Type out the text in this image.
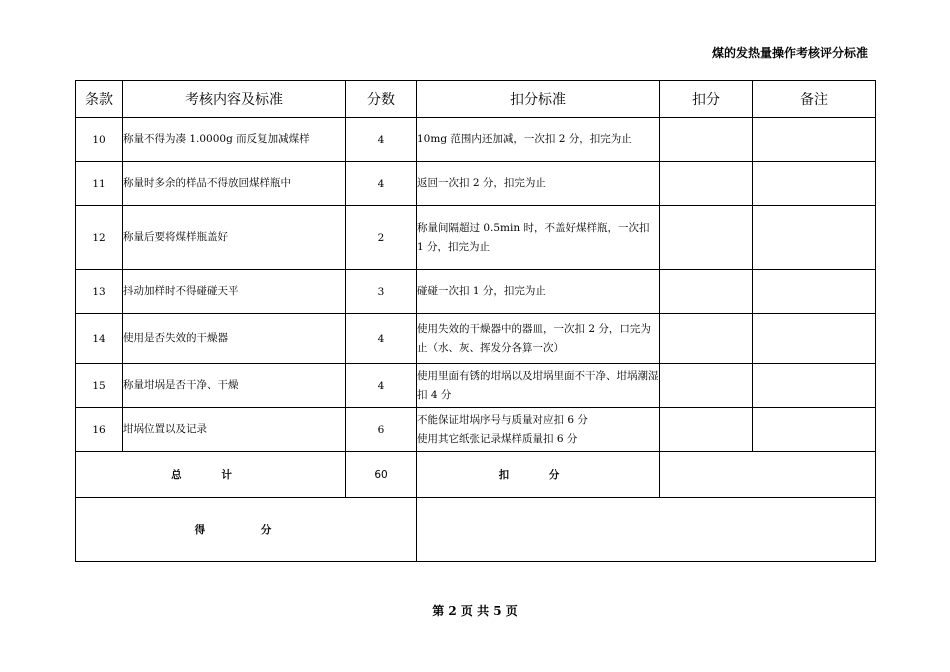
煤的发热量操作考核评分标准
条款	考核内容及标准	分数	扣分标准	扣分	备注
10	称量不得为凑 1.0000g 而反复加减煤样	4	10mg 范围内还加减，一次扣 2 分，扣完为止		

11	称量时多余的样品不得放回煤样瓶中	4	返回一次扣 2 分，扣完为止		

12	称量后要将煤样瓶盖好	2	称量间隔超过 0.5min 时，不盖好煤样瓶，一次扣 1 分，扣完为止		

13	抖动加样时不得碰碰天平	3	碰碰一次扣 1 分，扣完为止		

14	使用是否失效的干燥器	4	使用失效的干燥器中的器皿，一次扣 2 分，口完为止（水、灰、挥发分各算一次）		

15	称量坩埚是否干净、干燥	4	使用里面有锈的坩埚以及坩埚里面不干净、坩埚潮湿扣 4 分		

16	坩埚位置以及记录	6	不能保证坩埚序号与质量对应扣 6 分
使用其它纸张记录煤样质量扣 6 分		

总 计		60	扣 分		
得 分					
第 2 页 共 5 页
